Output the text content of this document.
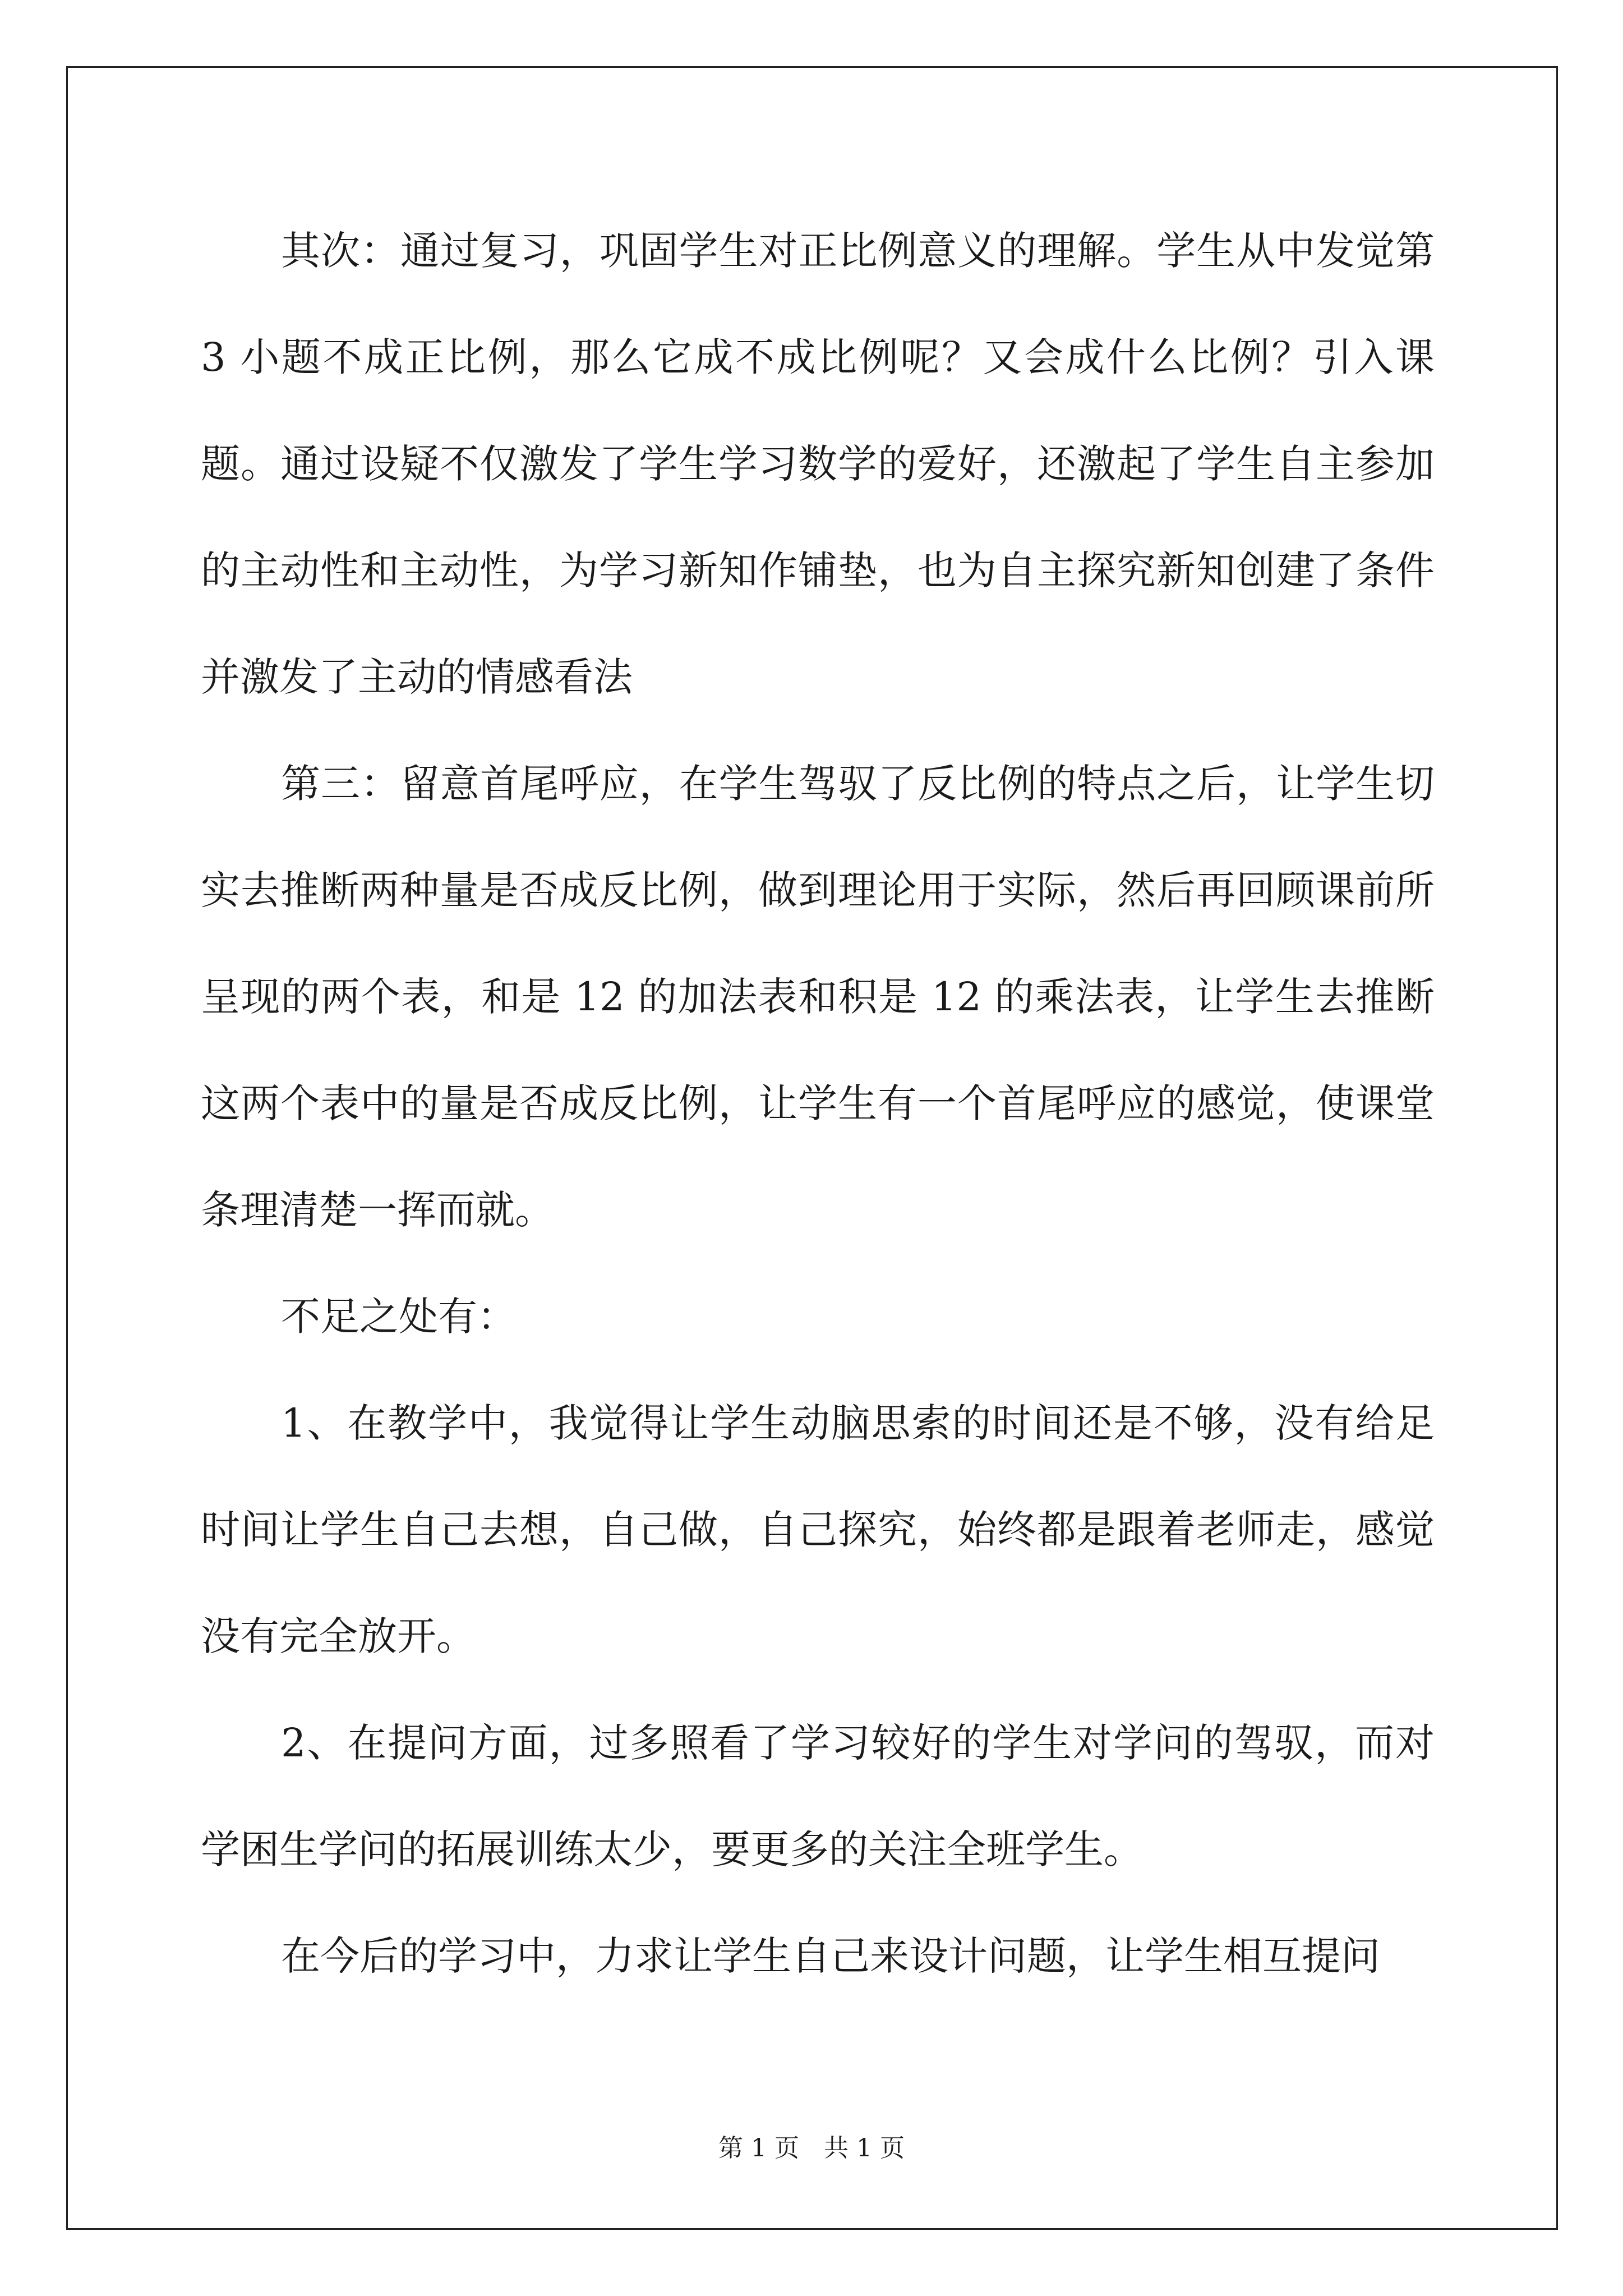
其次：通过复习，巩固学生对正比例意义的理解。学生从中发觉第 3 小题不成正比例，那么它成不成比例呢？又会成什么比例？引入课题。通过设疑不仅激发了学生学习数学的爱好，还激起了学生自主参加的主动性和主动性，为学习新知作铺垫，也为自主探究新知创建了条件并激发了主动的情感看法

第三：留意首尾呼应，在学生驾驭了反比例的特点之后，让学生切实去推断两种量是否成反比例，做到理论用于实际，然后再回顾课前所呈现的两个表，和是 12 的加法表和积是 12 的乘法表，让学生去推断这两个表中的量是否成反比例，让学生有一个首尾呼应的感觉，使课堂条理清楚一挥而就。

不足之处有：

1、在教学中，我觉得让学生动脑思索的时间还是不够，没有给足时间让学生自己去想，自己做，自己探究，始终都是跟着老师走，感觉没有完全放开。

2、在提问方面，过多照看了学习较好的学生对学问的驾驭，而对学困生学问的拓展训练太少，要更多的关注全班学生。

在今后的学习中，力求让学生自己来设计问题，让学生相互提问

第 1 页　共 1 页
